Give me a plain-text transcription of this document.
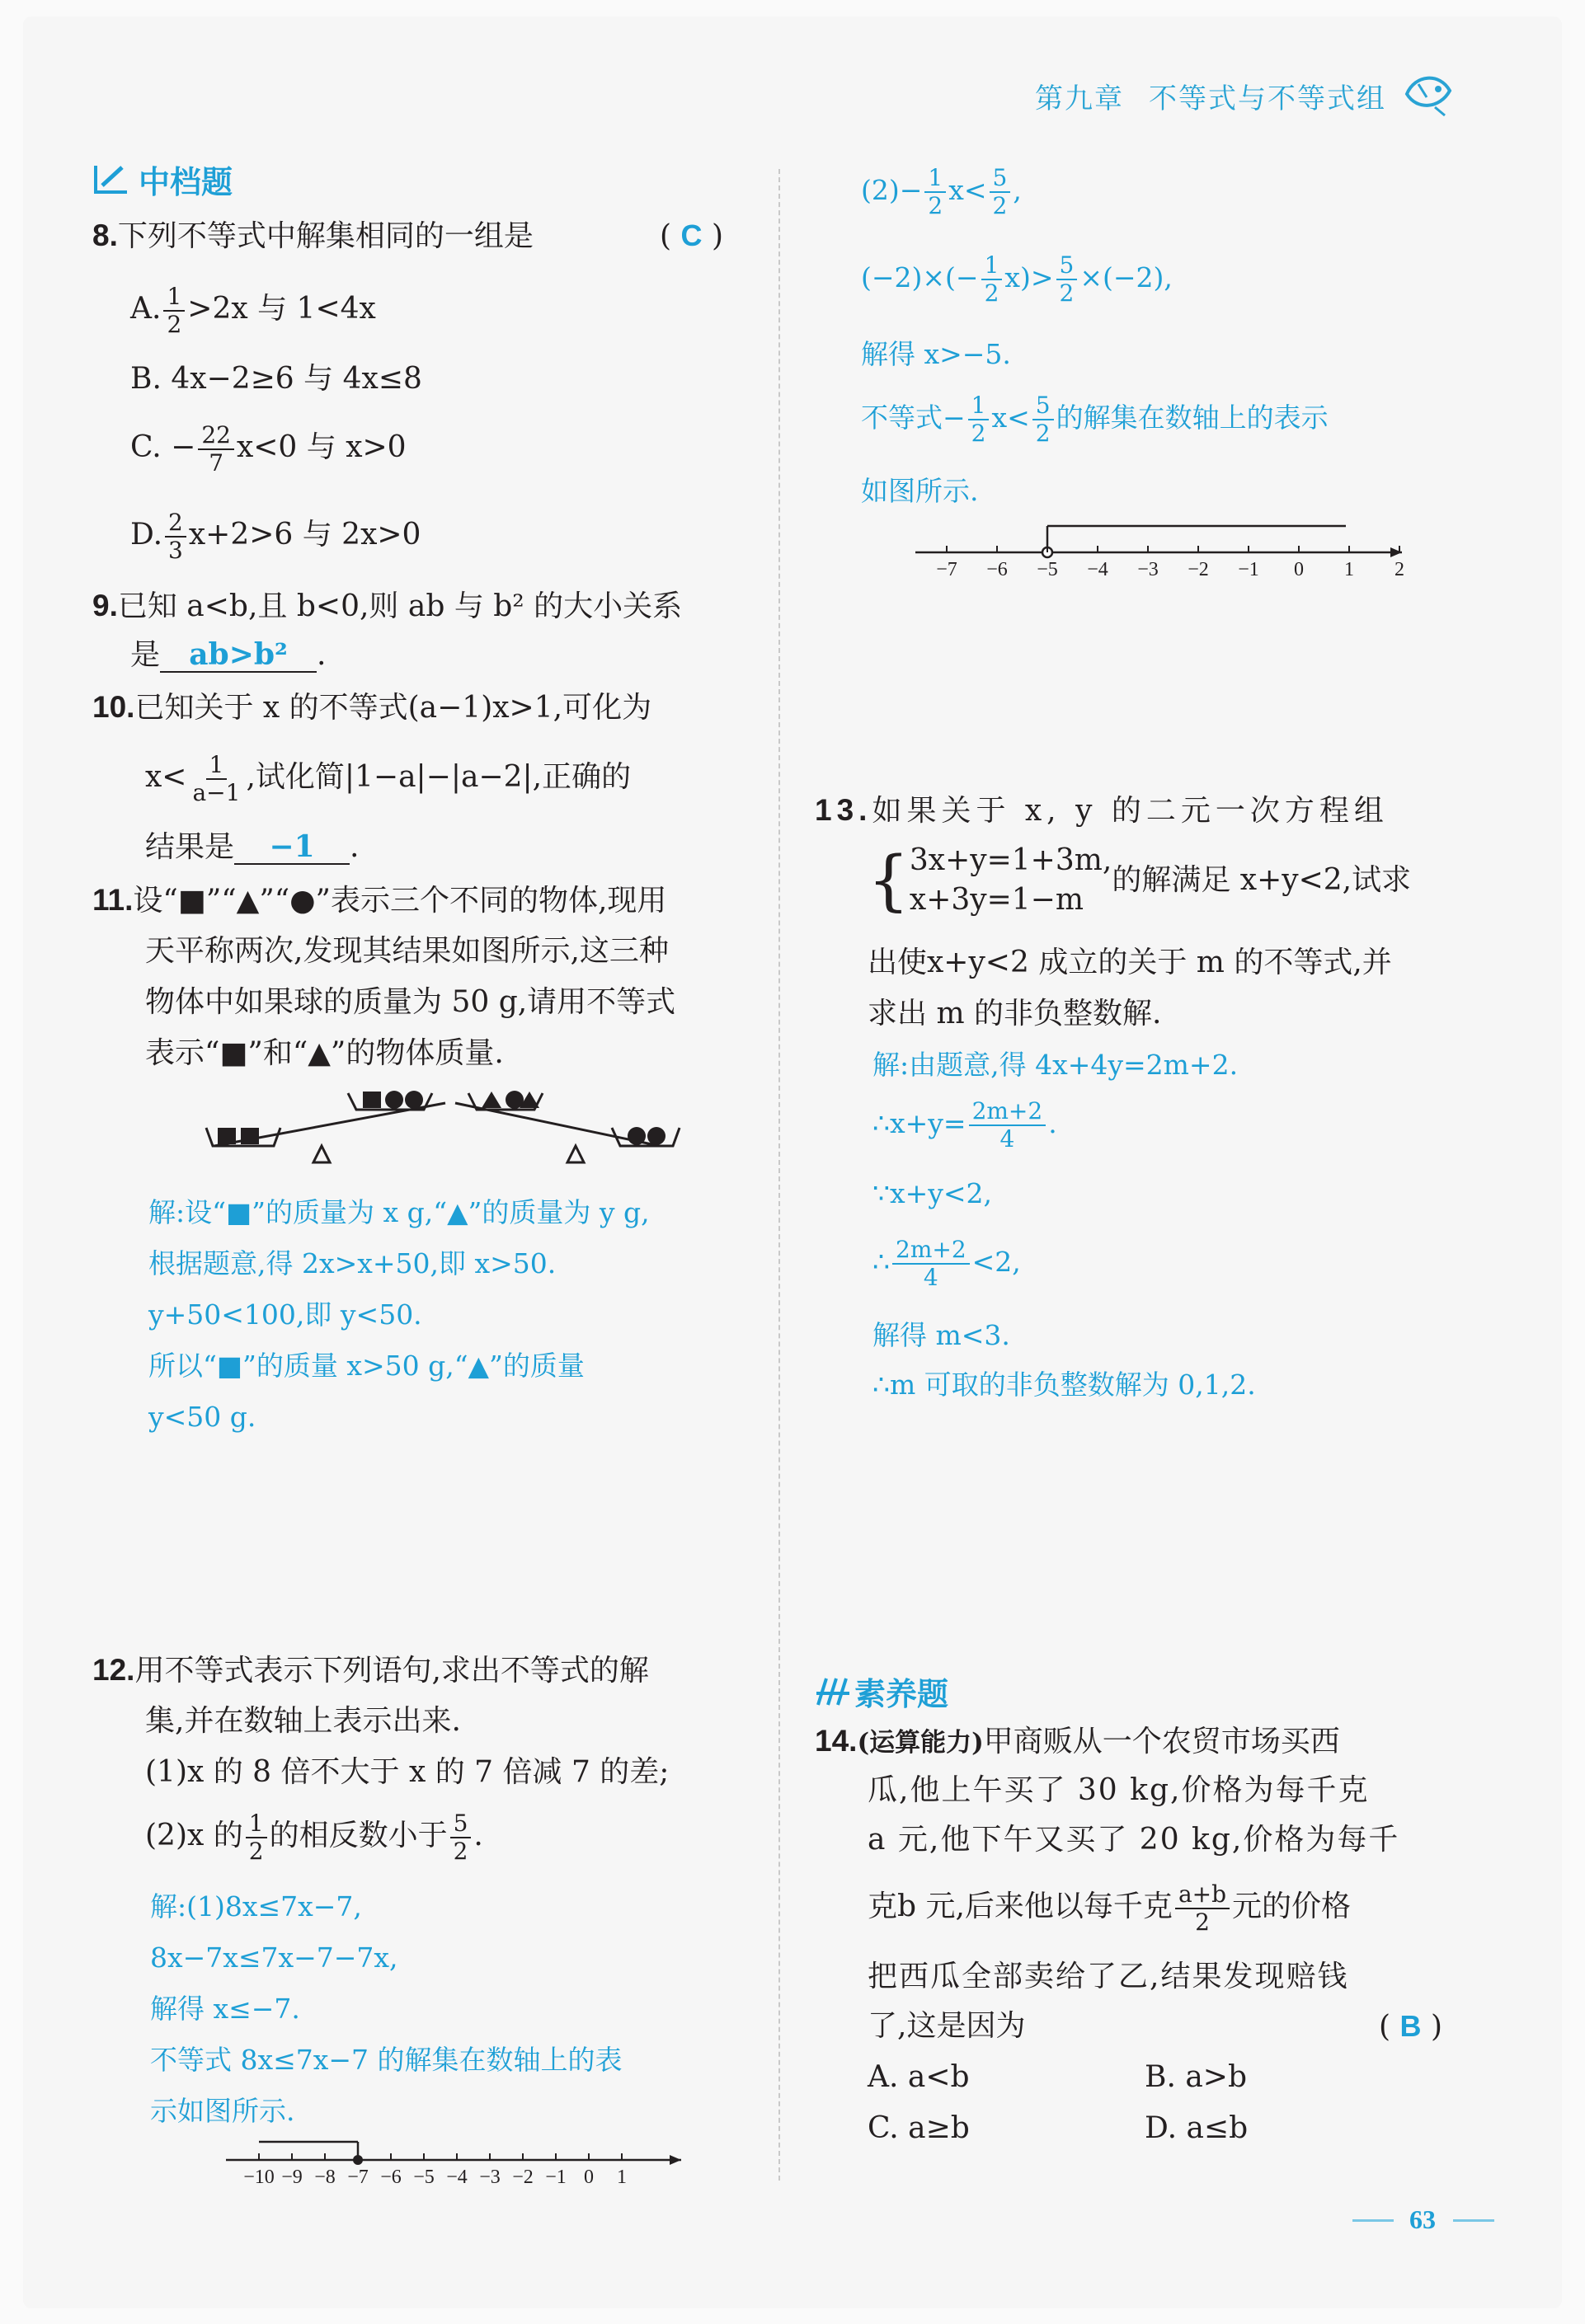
第九章 不等式与不等式组
中档题
8.下列不等式中解集相同的一组是	( C )
A. $\frac{1}{2} >2x$ 与 1<4x
B. 4x−2≥6 与 4x≤8
C. − $\frac{22}{7} x<0$ 与 x>0
D. $\frac{2}{3} x+2>6$ 与 2x>0
9.已知 a<b,且 b<0,则 ab 与 b² 的大小关系
是 ab>b² .
10.已知关于 x 的不等式(a−1)x>1,可化为
$x< \frac{1}{a-1}$ ,试化简|1−a|−|a−2|,正确的
结果是 −1 .
11.设“■”“▲”“●”表示三个不同的物体,现用
天平称两次,发现其结果如图所示,这三种
物体中如果球的质量为 50 g,请用不等式
表示“■”和“▲”的物体质量.
解:设“■”的质量为 x g,“▲”的质量为 y g,
根据题意,得 2x>x+50,即 x>50.
y+50<100,即 y<50.
所以“■”的质量 x>50 g,“▲”的质量
y<50 g.
12.用不等式表示下列语句,求出不等式的解
集,并在数轴上表示出来.
(1)x 的 8 倍不大于 x 的 7 倍减 7 的差;
(2)x 的 $\frac{1}{2}$ 的相反数小于 $\frac{5}{2}$ .
解:(1)8x≤7x−7,
8x−7x≤7x−7−7x,
解得 x≤−7.
不等式 8x≤7x−7 的解集在数轴上的表
示如图所示.
−10 −9 −8 −7 −6 −5 −4 −3 −2 −1 0 1
$(2)- \frac{1}{2} x< \frac{5}{2}$ ,
$(-2)\times(- \frac{1}{2} x)> \frac{5}{2} \times(-2)$,
解得 x>−5.
不等式− $\frac{1}{2} x< \frac{5}{2}$ 的解集在数轴上的表示
如图所示.
−7 −6 −5 −4 −3 −2 −1 0 1 2
13.如果关于 x, y 的二元一次方程组
{ 3x+y=1+3m,
x+3y=1−m
的解满足 x+y<2,试求
出使x+y<2 成立的关于 m 的不等式,并
求出 m 的非负整数解.
解:由题意,得 4x+4y=2m+2.
∴x+y= $\frac{2m+2}{4}$ .
∵x+y<2,
∴ $\frac{2m+2}{4} <2$,
解得 m<3.
∴m 可取的非负整数解为 0,1,2.
素养题
14.(运算能力)甲商贩从一个农贸市场买西
瓜,他上午买了 30 kg,价格为每千克
a 元,他下午又买了 20 kg,价格为每千
克b 元,后来他以每千克 $\frac{a+b}{2}$ 元的价格
把西瓜全部卖给了乙,结果发现赔钱
了,这是因为	( B )
A. a<b	B. a>b
C. a≥b	D. a≤b
63
